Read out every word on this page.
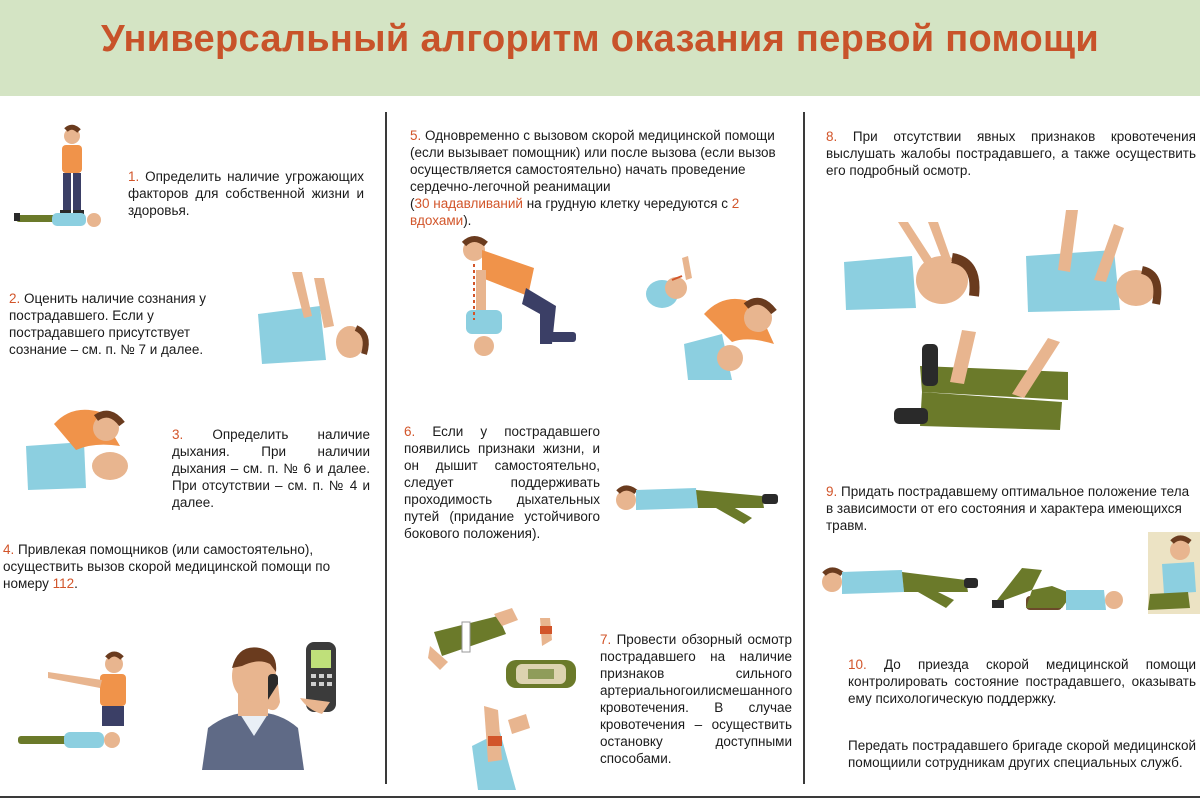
Универсальный алгоритм оказания первой помощи
1. Определить наличие угрожающих факторов для собственной жизни и здоровья.
2. Оценить наличие сознания у пострадавшего. Если у пострадавшего присутствует сознание – см. п. № 7 и далее.
3. Определить наличие дыхания. При наличии дыхания – см. п. № 6 и далее. При отсутствии – см. п. № 4 и далее.
4. Привлекая помощников (или самостоятельно), осуществить вызов скорой медицинской помощи по номеру 112.
5. Одновременно с вызовом скорой медицинской помощи (если вызывает помощник) или после вызова (если вызов осуществляется самостоятельно) начать проведение сердечно-легочной реанимации
(30 надавливаний на грудную клетку чередуются с 2 вдохами).
6. Если у пострадавшего появились признаки жизни, и он дышит самостоятельно, следует поддерживать проходимость дыхательных путей (придание устойчивого бокового положения).
7. Провести обзорный осмотр пострадавшего на наличие признаков сильного артериальногоилисмешанного кровотечения. В случае кровотечения – осуществить остановку доступными способами.
8. При отсутствии явных признаков кровотечения выслушать жалобы пострадавшего, а также осуществить его подробный осмотр.
9. Придать пострадавшему оптимальное положение тела в зависимости от его состояния и характера имеющихся травм.
10. До приезда скорой медицинской помощи контролировать состояние пострадавшего, оказывать ему психологическую поддержку.
Передать пострадавшего бригаде скорой медицинской помощиили сотрудникам других специальных служб.
